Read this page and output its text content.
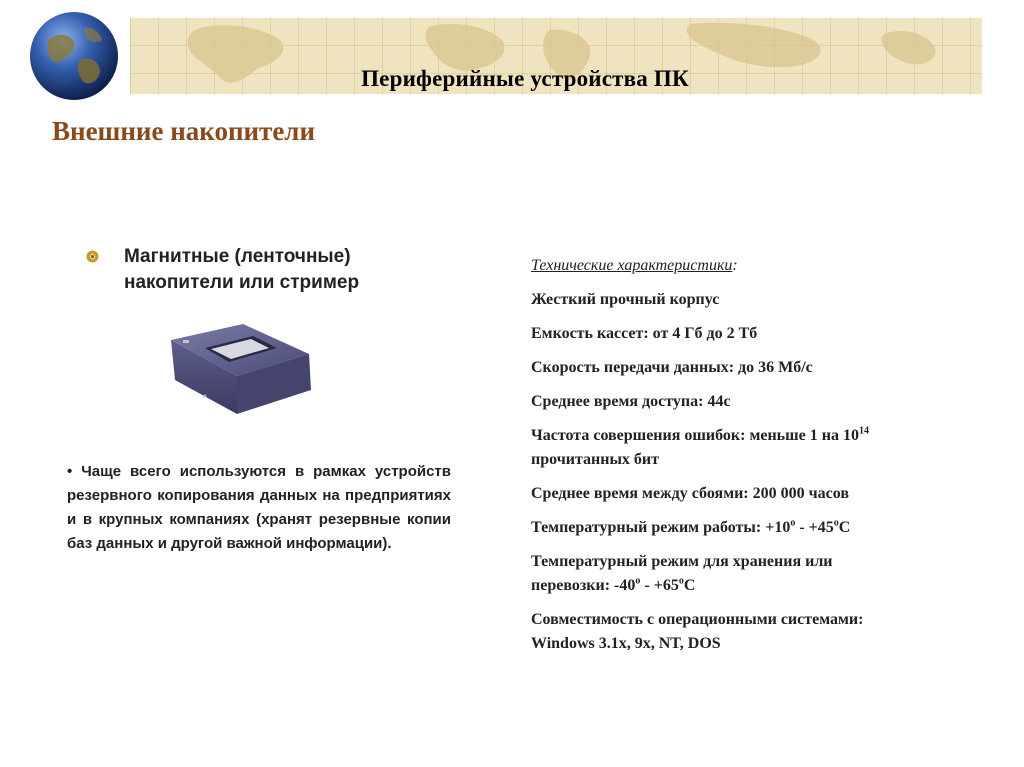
Периферийные устройства ПК
Внешние накопители
Магнитные (ленточные)
накопители или стример

• Чаще всего используются в рамках устройств резервного копирования данных на предприятиях и в крупных компаниях (хранят резервные копии баз данных и другой важной информации).

Технические характеристики:
Жесткий прочный корпус
Емкость кассет: от 4 Гб до 2 Тб
Скорость передачи данных: до 36 Мб/с
Среднее время доступа: 44с
Частота совершения ошибок: меньше 1 на $10^{14}$
прочитанных бит
Среднее время между сбоями: 200 000 часов
Температурный режим работы: $+10^о - +45^оС$
Температурный режим для хранения или
перевозки: $-40^о - +65^оС$
Совместимость с операционными системами:
Windows 3.1х, 9х, NT, DOS
